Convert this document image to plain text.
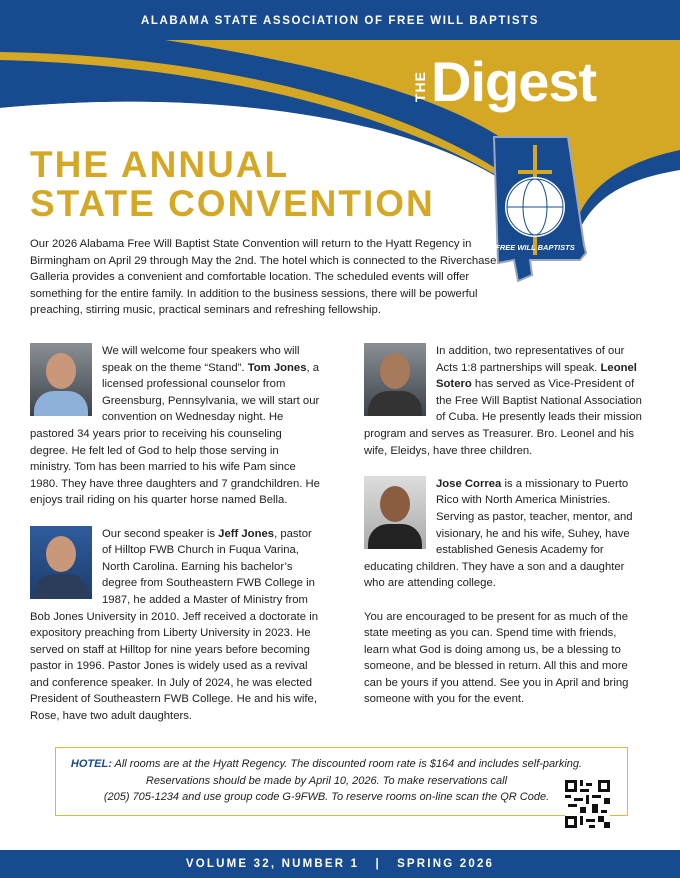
ALABAMA STATE ASSOCIATION OF FREE WILL BAPTISTS
THE Digest
FREE WILL BAPTISTS
THE ANNUAL
STATE CONVENTION

Our 2026 Alabama Free Will Baptist State Convention will return to the Hyatt Regency in Birmingham on April 29 through May the 2nd. The hotel which is connected to the Riverchase Galleria provides a convenient and comfortable location. The scheduled events will offer something for the entire family. In addition to the business sessions, there will be powerful preaching, stirring music, practical seminars and refreshing fellowship.

We will welcome four speakers who will speak on the theme “Stand”. Tom Jones, a licensed professional counselor from Greensburg, Pennsylvania, we will start our convention on Wednesday night. He pastored 34 years prior to receiving his counseling degree. He felt led of God to help those serving in ministry. Tom has been married to his wife Pam since 1980. They have three daughters and 7 grandchildren. He enjoys trail riding on his quarter horse named Bella.
Our second speaker is Jeff Jones, pastor of Hilltop FWB Church in Fuqua Varina, North Carolina. Earning his bachelor’s degree from Southeastern FWB College in 1987, he added a Master of Ministry from Bob Jones University in 2010. Jeff received a doctorate in expository preaching from Liberty University in 2023. He served on staff at Hilltop for nine years before becoming pastor in 1996. Pastor Jones is widely used as a revival and conference speaker. In July of 2024, he was elected President of Southeastern FWB College. He and his wife, Rose, have two adult daughters.
In addition, two representatives of our Acts 1:8 partnerships will speak. Leonel Sotero has served as Vice-President of the Free Will Baptist National Association of Cuba. He presently leads their mission program and serves as Treasurer. Bro. Leonel and his wife, Eleidys, have three children.
Jose Correa is a missionary to Puerto Rico with North America Ministries. Serving as pastor, teacher, mentor, and visionary, he and his wife, Suhey, have established Genesis Academy for educating children. They have a son and a daughter who are attending college.

You are encouraged to be present for as much of the state meeting as you can. Spend time with friends, learn what God is doing among us, be a blessing to someone, and be blessed in return. All this and more can be yours if you attend. See you in April and bring someone with you for the event.

HOTEL: All rooms are at the Hyatt Regency. The discounted room rate is $164 and includes self-parking.
Reservations should be made by April 10, 2026. To make reservations call
(205) 705-1234 and use group code G-9FWB. To reserve rooms on-line scan the QR Code.
VOLUME 32, NUMBER 1   |   SPRING 2026
